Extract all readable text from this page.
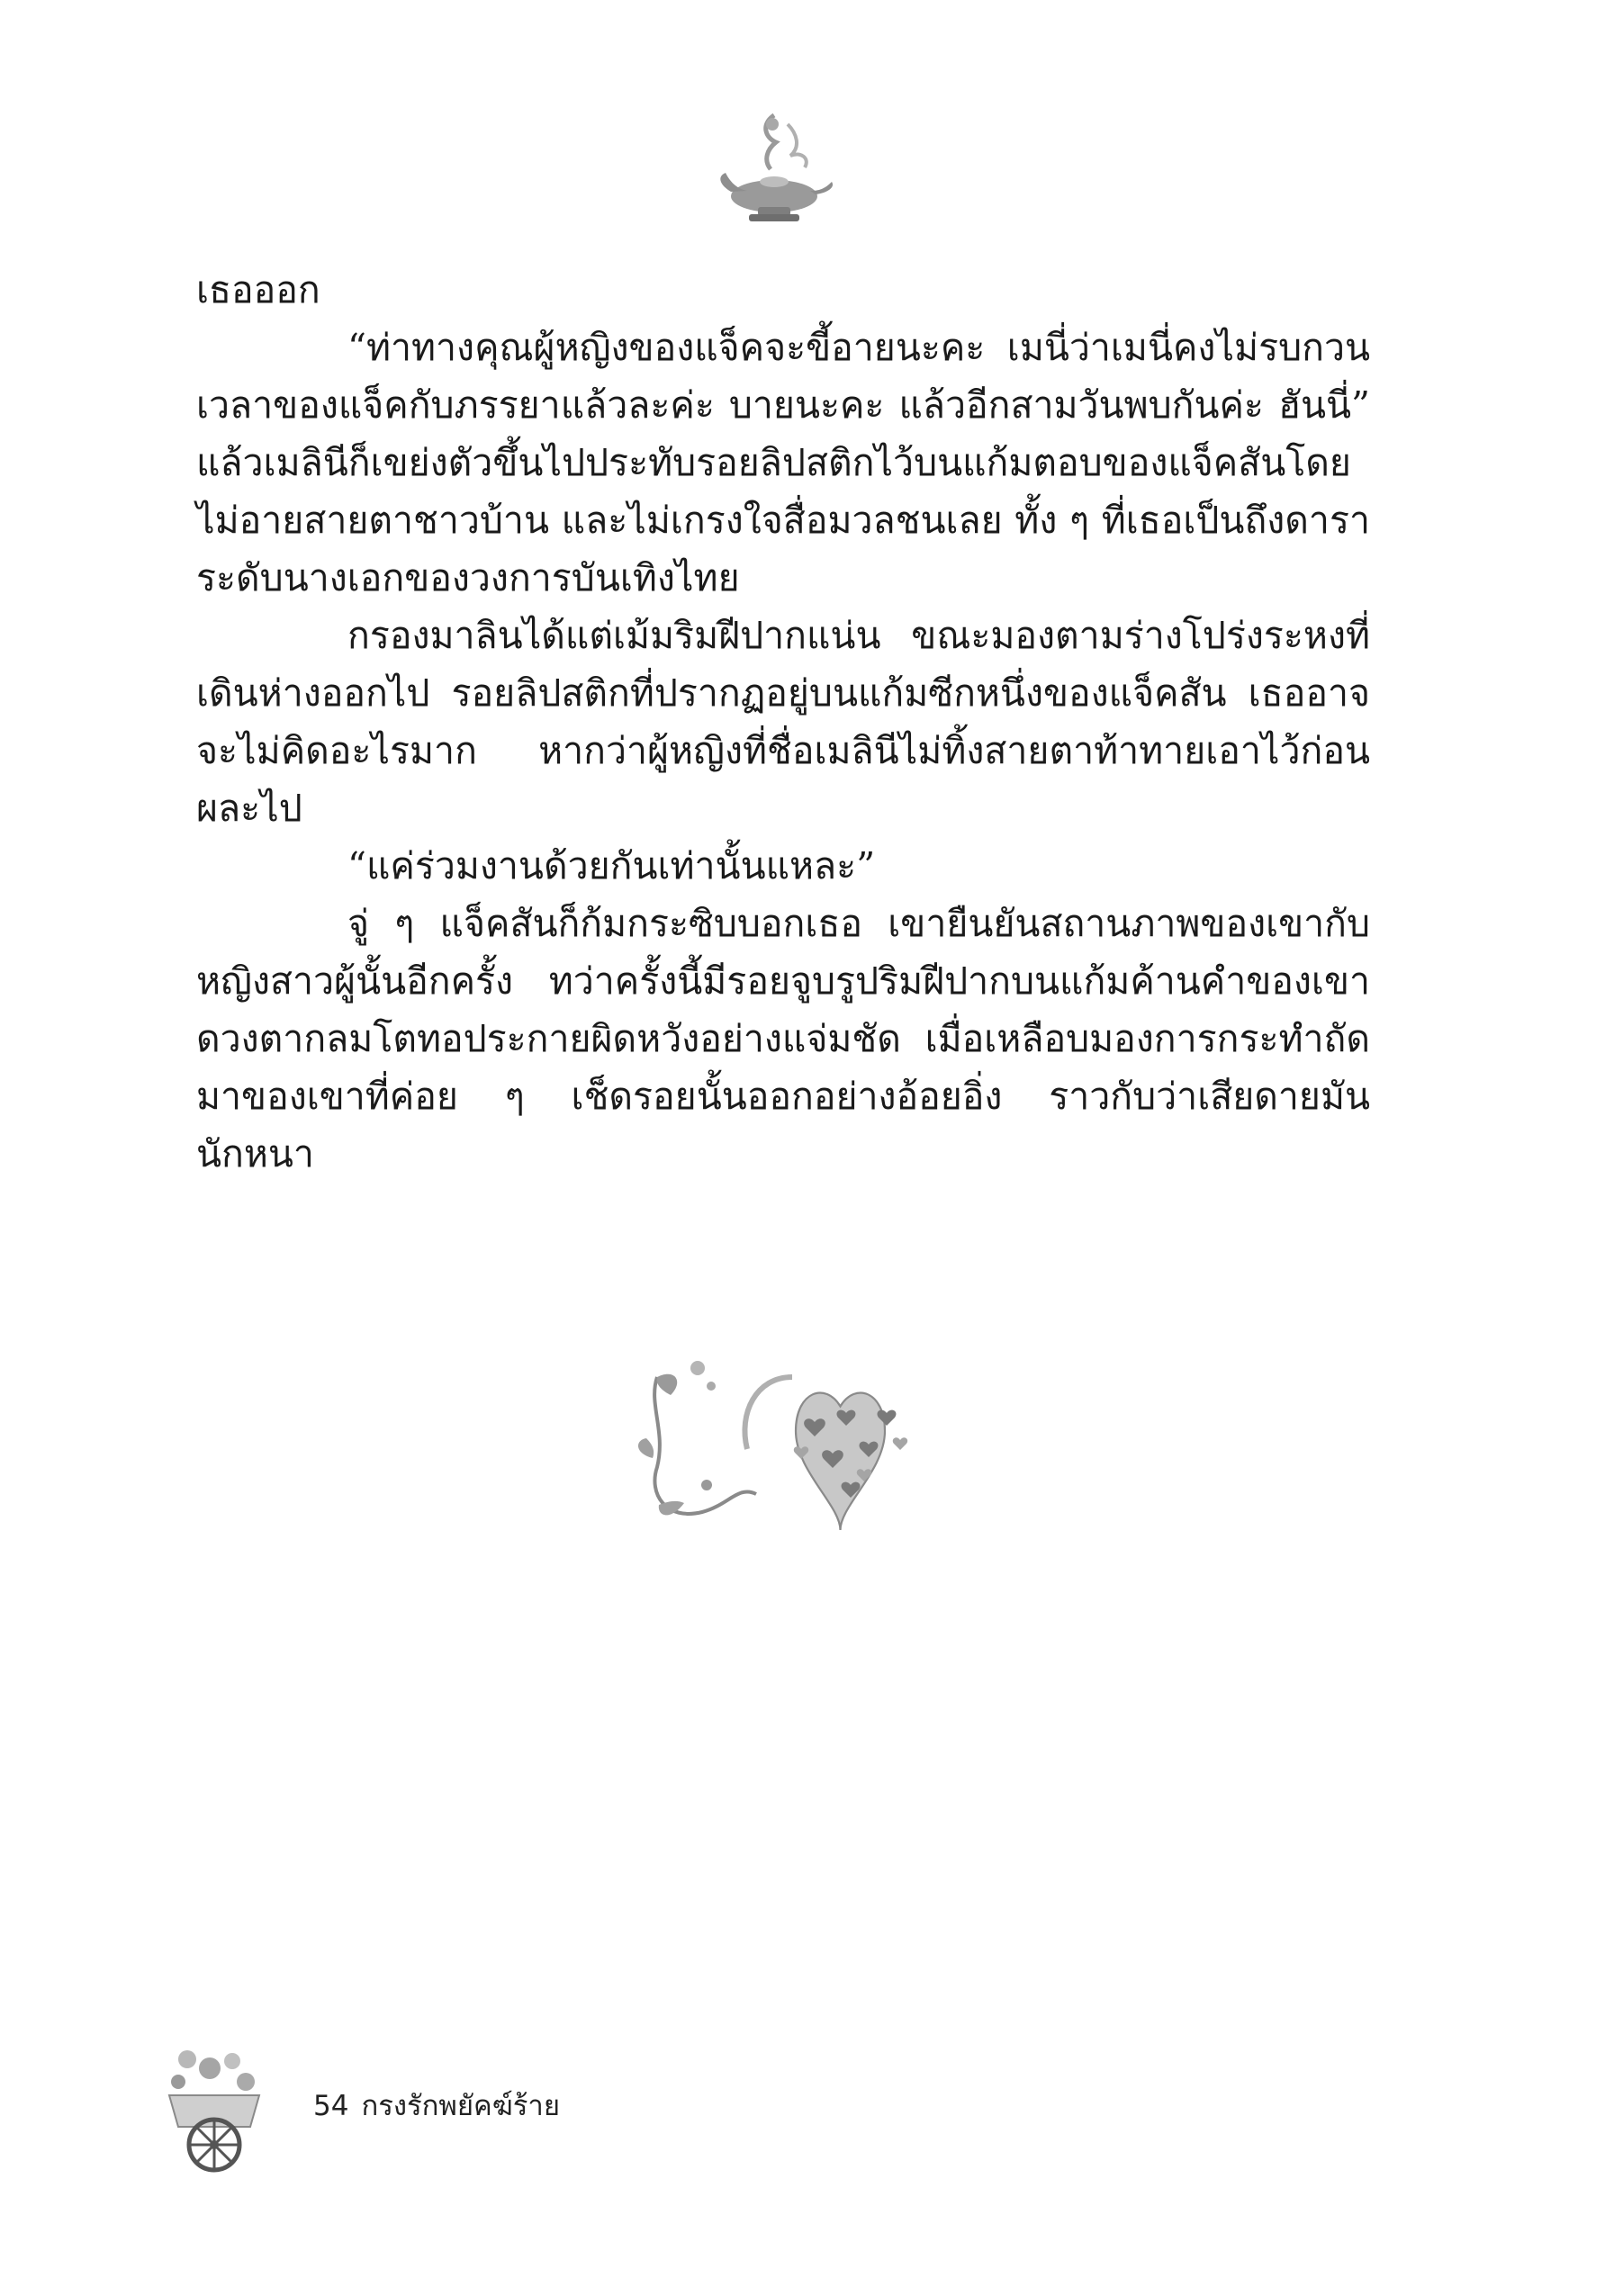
เธอออก

“ท่าทางคุณผู้หญิงของแจ็คจะขี้อายนะคะ เมนี่ว่าเมนี่คงไม่รบกวนเวลาของแจ็คกับภรรยาแล้วละค่ะ บายนะคะ แล้วอีกสามวันพบกันค่ะ ฮันนี่” แล้วเมลินีก็เขย่งตัวขึ้นไปประทับรอยลิปสติกไว้บนแก้มตอบของแจ็คสันโดยไม่อายสายตาชาวบ้าน และไม่เกรงใจสื่อมวลชนเลย ทั้ง ๆ ที่เธอเป็นถึงดาราระดับนางเอกของวงการบันเทิงไทย

กรองมาลินได้แต่เม้มริมฝีปากแน่น ขณะมองตามร่างโปร่งระหงที่เดินห่างออกไป รอยลิปสติกที่ปรากฏอยู่บนแก้มซีกหนึ่งของแจ็คสัน เธออาจจะไม่คิดอะไรมาก หากว่าผู้หญิงที่ชื่อเมลินีไม่ทิ้งสายตาท้าทายเอาไว้ก่อนผละไป

“แค่ร่วมงานด้วยกันเท่านั้นแหละ”

จู่ ๆ แจ็คสันก็ก้มกระซิบบอกเธอ เขายืนยันสถานภาพของเขากับหญิงสาวผู้นั้นอีกครั้ง ทว่าครั้งนี้มีรอยจูบรูปริมฝีปากบนแก้มค้านคำของเขา ดวงตากลมโตทอประกายผิดหวังอย่างแจ่มชัด เมื่อเหลือบมองการกระทำถัดมาของเขาที่ค่อย ๆ เช็ดรอยนั้นออกอย่างอ้อยอิ่ง ราวกับว่าเสียดายมันนักหนา

54 กรงรักพยัคฆ์ร้าย
